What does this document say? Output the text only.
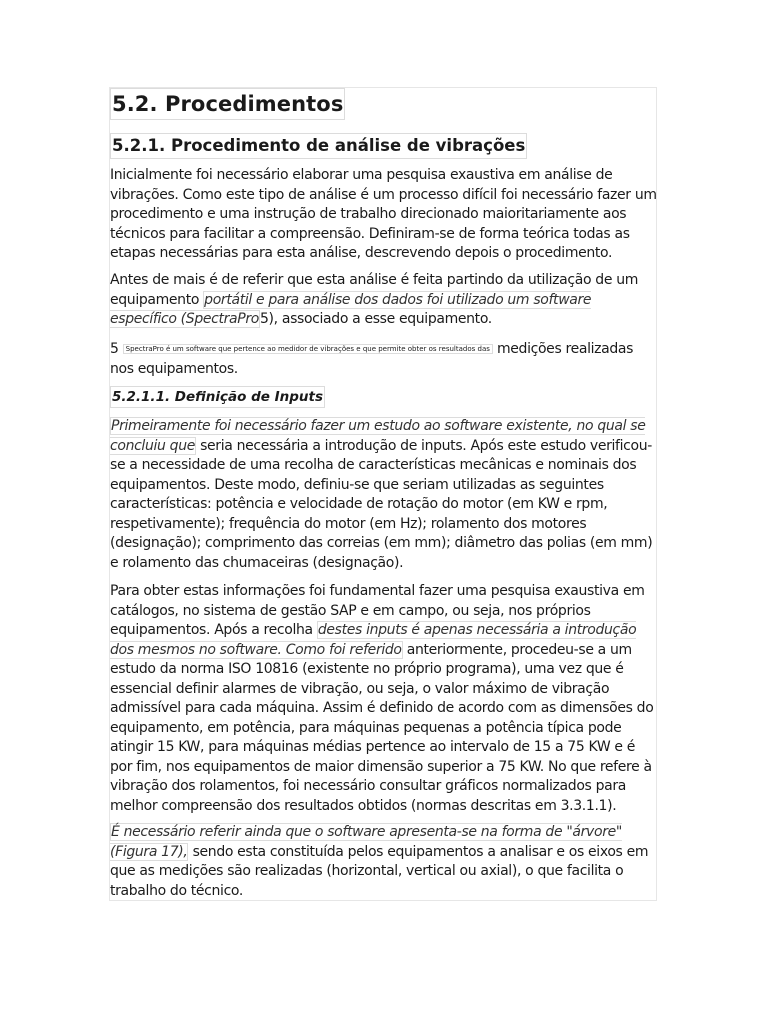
5.2. Procedimentos
5.2.1. Procedimento de análise de vibrações

Inicialmente foi necessário elaborar uma pesquisa exaustiva em análise de vibrações. Como este tipo de análise é um processo difícil foi necessário fazer um procedimento e uma instrução de trabalho direcionado maioritariamente aos técnicos para facilitar a compreensão. Definiram-se de forma teórica todas as etapas necessárias para esta análise, descrevendo depois o procedimento.

Antes de mais é de referir que esta análise é feita partindo da utilização de um equipamento portátil e para análise dos dados foi utilizado um software específico (SpectraPro5), associado a esse equipamento.

5 SpectraPro é um software que pertence ao medidor de vibrações e que permite obter os resultados das medições realizadas nos equipamentos.

5.2.1.1. Definição de Inputs

Primeiramente foi necessário fazer um estudo ao software existente, no qual se concluiu que seria necessária a introdução de inputs. Após este estudo verificou-se a necessidade de uma recolha de características mecânicas e nominais dos equipamentos. Deste modo, definiu-se que seriam utilizadas as seguintes características: potência e velocidade de rotação do motor (em KW e rpm, respetivamente); frequência do motor (em Hz); rolamento dos motores (designação); comprimento das correias (em mm); diâmetro das polias (em mm) e rolamento das chumaceiras (designação).

Para obter estas informações foi fundamental fazer uma pesquisa exaustiva em catálogos, no sistema de gestão SAP e em campo, ou seja, nos próprios equipamentos. Após a recolha destes inputs é apenas necessária a introdução dos mesmos no software. Como foi referido anteriormente, procedeu-se a um estudo da norma ISO 10816 (existente no próprio programa), uma vez que é essencial definir alarmes de vibração, ou seja, o valor máximo de vibração admissível para cada máquina. Assim é definido de acordo com as dimensões do equipamento, em potência, para máquinas pequenas a potência típica pode atingir 15 KW, para máquinas médias pertence ao intervalo de 15 a 75 KW e é por fim, nos equipamentos de maior dimensão superior a 75 KW. No que refere à vibração dos rolamentos, foi necessário consultar gráficos normalizados para melhor compreensão dos resultados obtidos (normas descritas em 3.3.1.1).

É necessário referir ainda que o software apresenta-se na forma de "árvore" (Figura 17), sendo esta constituída pelos equipamentos a analisar e os eixos em que as medições são realizadas (horizontal, vertical ou axial), o que facilita o trabalho do técnico.
